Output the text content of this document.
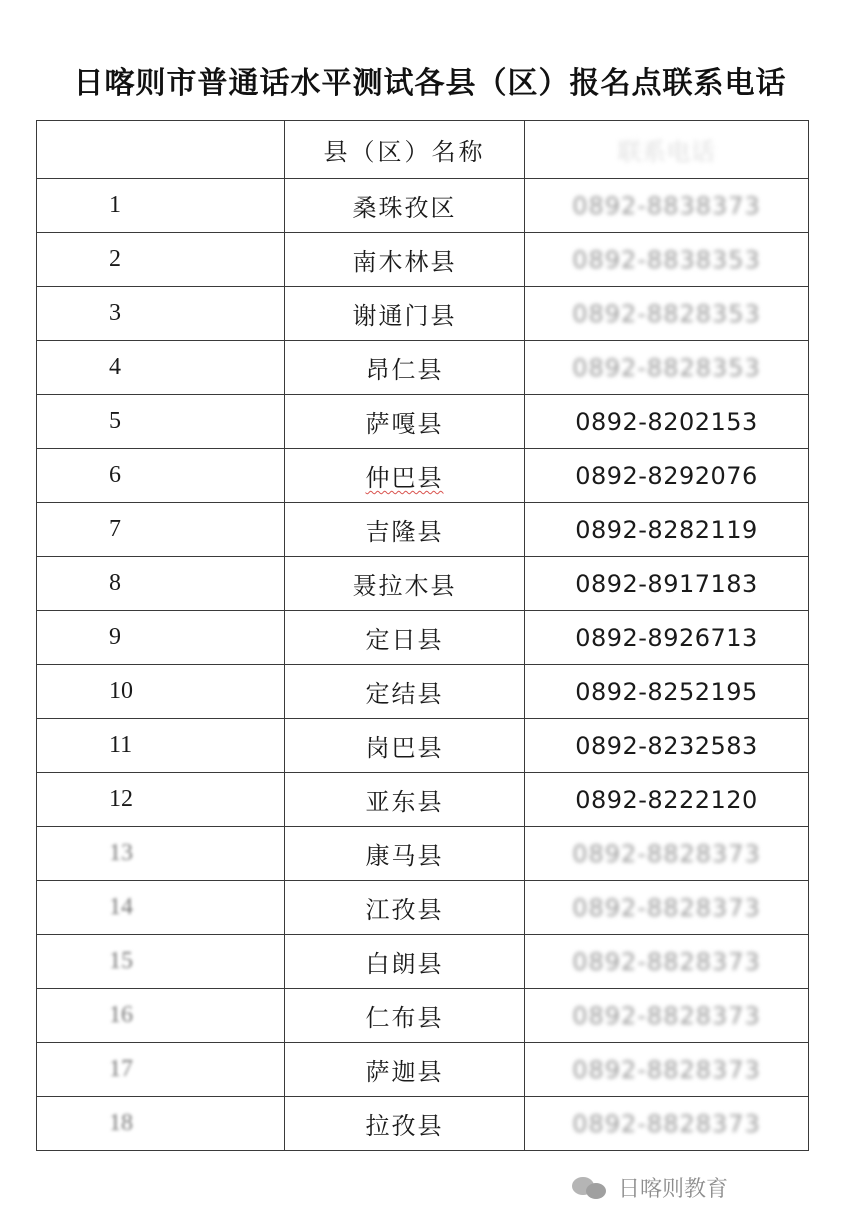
日喀则市普通话水平测试各县（区）报名点联系电话
	县（区）名称	联系电话
1	桑珠孜区	0892-8838373
2	南木林县	0892-8838353
3	谢通门县	0892-8828353
4	昂仁县	0892-8828353
5	萨嘎县	0892-8202153
6	仲巴县	0892-8292076
7	吉隆县	0892-8282119
8	聂拉木县	0892-8917183
9	定日县	0892-8926713
10	定结县	0892-8252195
11	岗巴县	0892-8232583
12	亚东县	0892-8222120
13	康马县	0892-8828373
14	江孜县	0892-8828373
15	白朗县	0892-8828373
16	仁布县	0892-8828373
17	萨迦县	0892-8828373
18	拉孜县	0892-8828373
日喀则教育
